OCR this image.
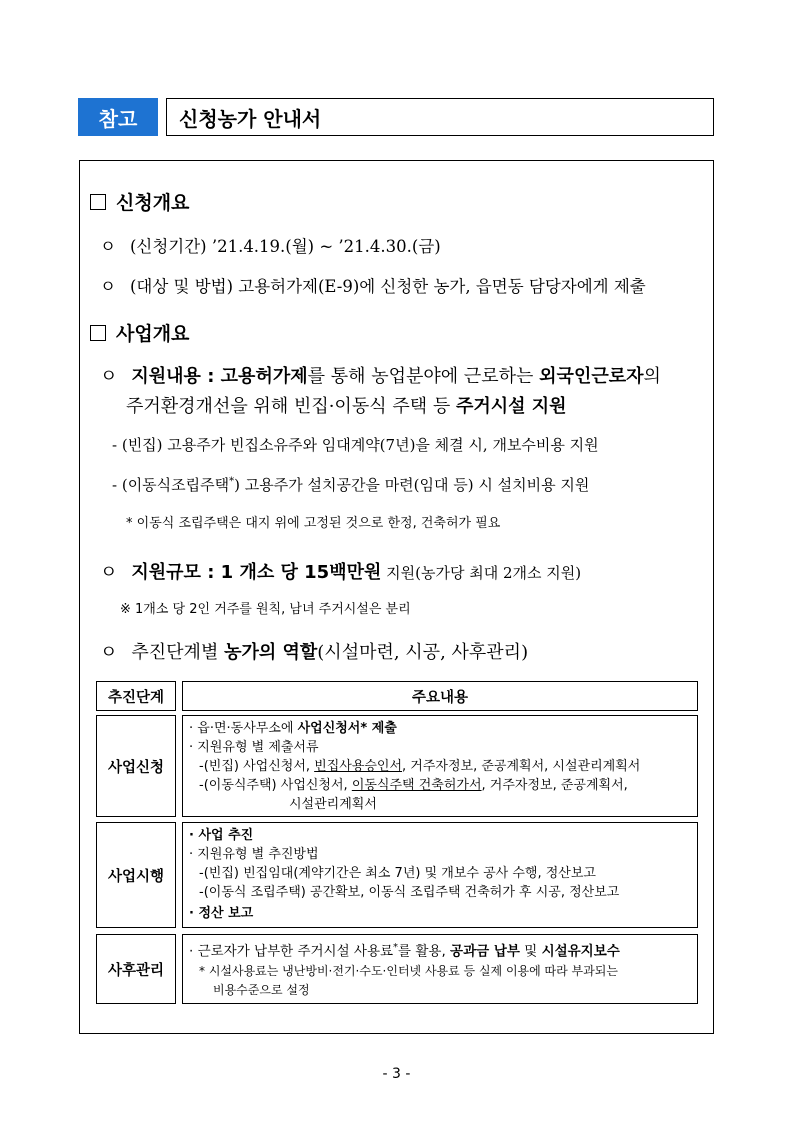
참고	신청농가 안내서
신청개요
ㅇ (신청기간) ’21.4.19.(월) ~ ’21.4.30.(금)
ㅇ (대상 및 방법) 고용허가제(E-9)에 신청한 농가, 읍면동 담당자에게 제출
사업개요
ㅇ 지원내용 : 고용허가제를 통해 농업분야에 근로하는 외국인근로자의
주거환경개선을 위해 빈집·이동식 주택 등 주거시설 지원
- (빈집) 고용주가 빈집소유주와 임대계약(7년)을 체결 시, 개보수비용 지원
- (이동식조립주택*) 고용주가 설치공간을 마련(임대 등) 시 설치비용 지원
* 이동식 조립주택은 대지 위에 고정된 것으로 한정, 건축허가 필요
ㅇ 지원규모 : 1 개소 당 15백만원 지원(농가당 최대 2개소 지원)
※ 1개소 당 2인 거주를 원칙, 남녀 주거시설은 분리
ㅇ 추진단계별 농가의 역할(시설마련, 시공, 사후관리)
추진단계	주요내용
사업신청
· 읍·면·동사무소에 사업신청서* 제출
· 지원유형 별 제출서류
-(빈집) 사업신청서, 빈집사용승인서, 거주자정보, 준공계획서, 시설관리계획서
-(이동식주택) 사업신청서, 이동식주택 건축허가서, 거주자정보, 준공계획서,
시설관리계획서
사업시행
· 사업 추진
· 지원유형 별 추진방법
-(빈집) 빈집임대(계약기간은 최소 7년) 및 개보수 공사 수행, 정산보고
-(이동식 조립주택) 공간확보, 이동식 조립주택 건축허가 후 시공, 정산보고
· 정산 보고
사후관리
· 근로자가 납부한 주거시설 사용료*를 활용, 공과금 납부 및 시설유지보수
* 시설사용료는 냉난방비·전기·수도·인터넷 사용료 등 실제 이용에 따라 부과되는
비용수준으로 설정
- 3 -
